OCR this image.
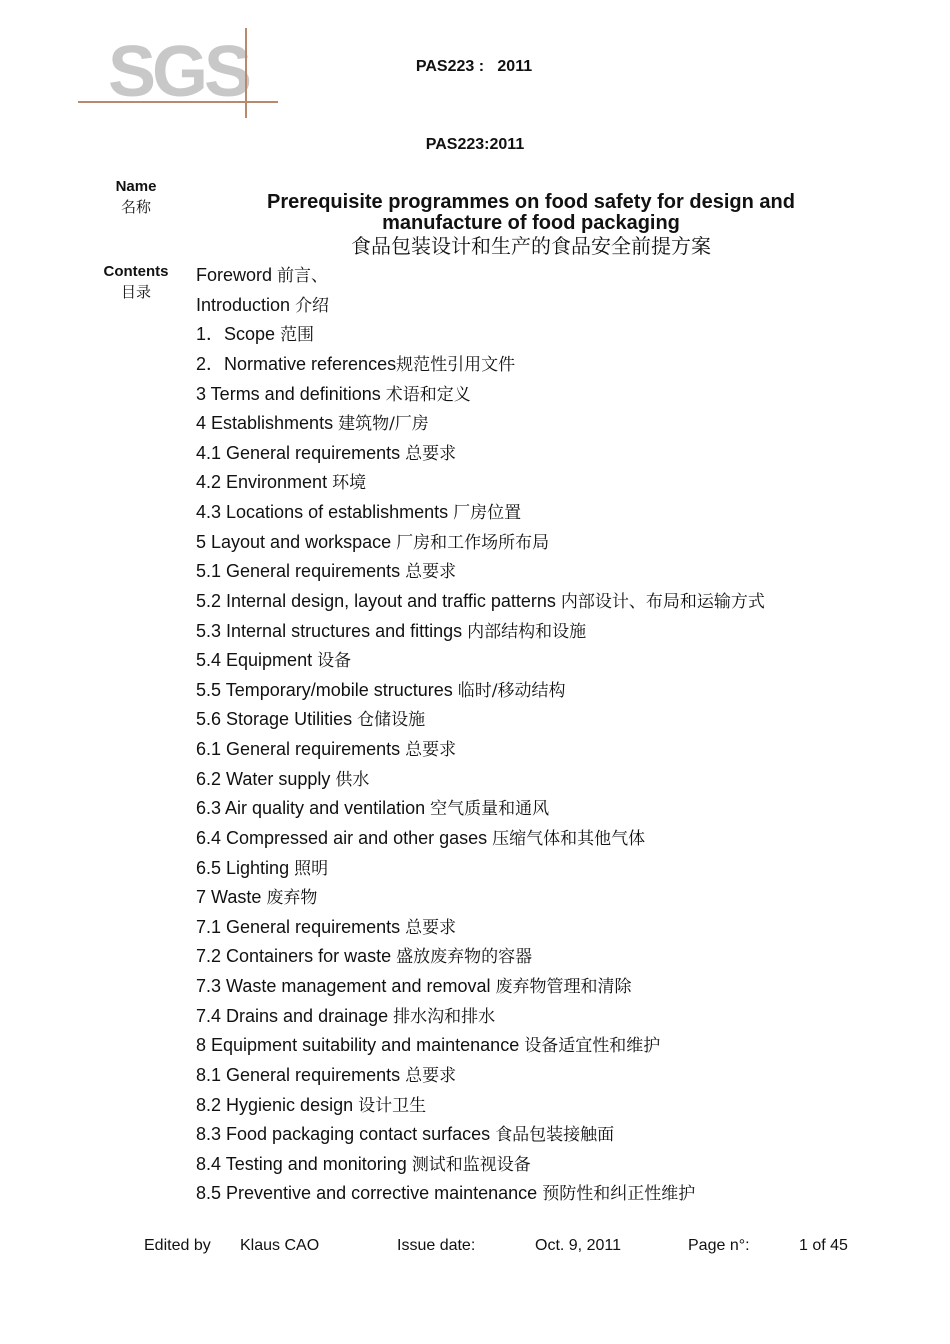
SGS	PAS223 :   2011
PAS223:2011
Name
名称	Prerequisite programmes on food safety for design and
manufacture of food packaging
食品包装设计和生产的食品安全前提方案
Contents
目录
Foreword 前言、
Introduction 介绍
1．Scope 范围
2．Normative references规范性引用文件
3 Terms and definitions 术语和定义
4 Establishments 建筑物/厂房
4.1 General requirements 总要求
4.2 Environment 环境
4.3 Locations of establishments 厂房位置
5 Layout and workspace 厂房和工作场所布局
5.1 General requirements 总要求
5.2 Internal design, layout and traffic patterns 内部设计、布局和运输方式
5.3 Internal structures and fittings 内部结构和设施
5.4 Equipment 设备
5.5 Temporary/mobile structures 临时/移动结构
5.6 Storage Utilities 仓储设施
6.1 General requirements 总要求
6.2 Water supply 供水
6.3 Air quality and ventilation 空气质量和通风
6.4 Compressed air and other gases 压缩气体和其他气体
6.5 Lighting 照明
7 Waste 废弃物
7.1 General requirements 总要求
7.2 Containers for waste 盛放废弃物的容器
7.3 Waste management and removal 废弃物管理和清除
7.4 Drains and drainage 排水沟和排水
8 Equipment suitability and maintenance 设备适宜性和维护
8.1 General requirements 总要求
8.2 Hygienic design 设计卫生
8.3 Food packaging contact surfaces 食品包装接触面
8.4 Testing and monitoring 测试和监视设备
8.5 Preventive and corrective maintenance 预防性和纠正性维护
Edited by Klaus CAO	Issue date:	Oct. 9, 2011	Page n°:	1 of 45
